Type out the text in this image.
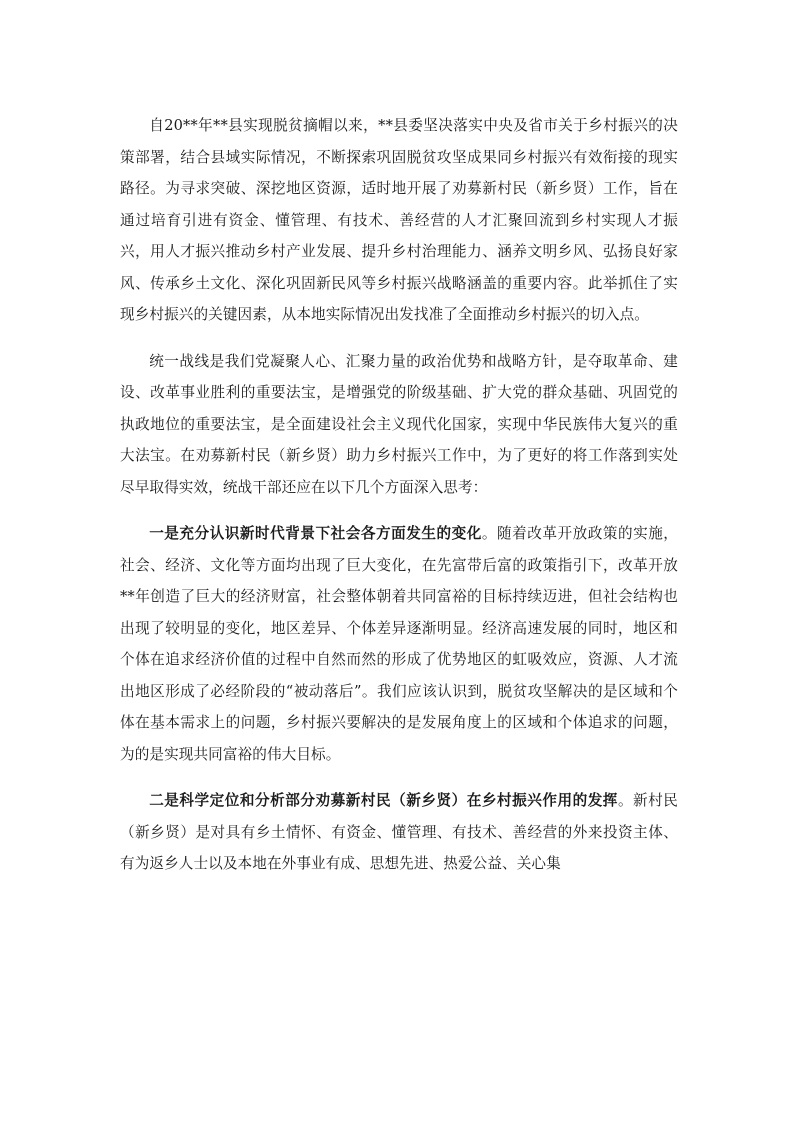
自20**年**县实现脱贫摘帽以来，**县委坚决落实中央及省市关于乡村振兴的决策部署，结合县域实际情况，不断探索巩固脱贫攻坚成果同乡村振兴有效衔接的现实路径。为寻求突破、深挖地区资源，适时地开展了劝募新村民（新乡贤）工作，旨在通过培育引进有资金、懂管理、有技术、善经营的人才汇聚回流到乡村实现人才振兴，用人才振兴推动乡村产业发展、提升乡村治理能力、涵养文明乡风、弘扬良好家风、传承乡土文化、深化巩固新民风等乡村振兴战略涵盖的重要内容。此举抓住了实现乡村振兴的关键因素，从本地实际情况出发找准了全面推动乡村振兴的切入点。

统一战线是我们党凝聚人心、汇聚力量的政治优势和战略方针，是夺取革命、建设、改革事业胜利的重要法宝，是增强党的阶级基础、扩大党的群众基础、巩固党的执政地位的重要法宝，是全面建设社会主义现代化国家，实现中华民族伟大复兴的重大法宝。在劝募新村民（新乡贤）助力乡村振兴工作中，为了更好的将工作落到实处尽早取得实效，统战干部还应在以下几个方面深入思考：

一是充分认识新时代背景下社会各方面发生的变化。随着改革开放政策的实施，社会、经济、文化等方面均出现了巨大变化，在先富带后富的政策指引下，改革开放**年创造了巨大的经济财富，社会整体朝着共同富裕的目标持续迈进，但社会结构也出现了较明显的变化，地区差异、个体差异逐渐明显。经济高速发展的同时，地区和个体在追求经济价值的过程中自然而然的形成了优势地区的虹吸效应，资源、人才流出地区形成了必经阶段的“被动落后”。我们应该认识到，脱贫攻坚解决的是区域和个体在基本需求上的问题，乡村振兴要解决的是发展角度上的区域和个体追求的问题，为的是实现共同富裕的伟大目标。

二是科学定位和分析部分劝募新村民（新乡贤）在乡村振兴作用的发挥。新村民（新乡贤）是对具有乡土情怀、有资金、懂管理、有技术、善经营的外来投资主体、有为返乡人士以及本地在外事业有成、思想先进、热爱公益、关心集
